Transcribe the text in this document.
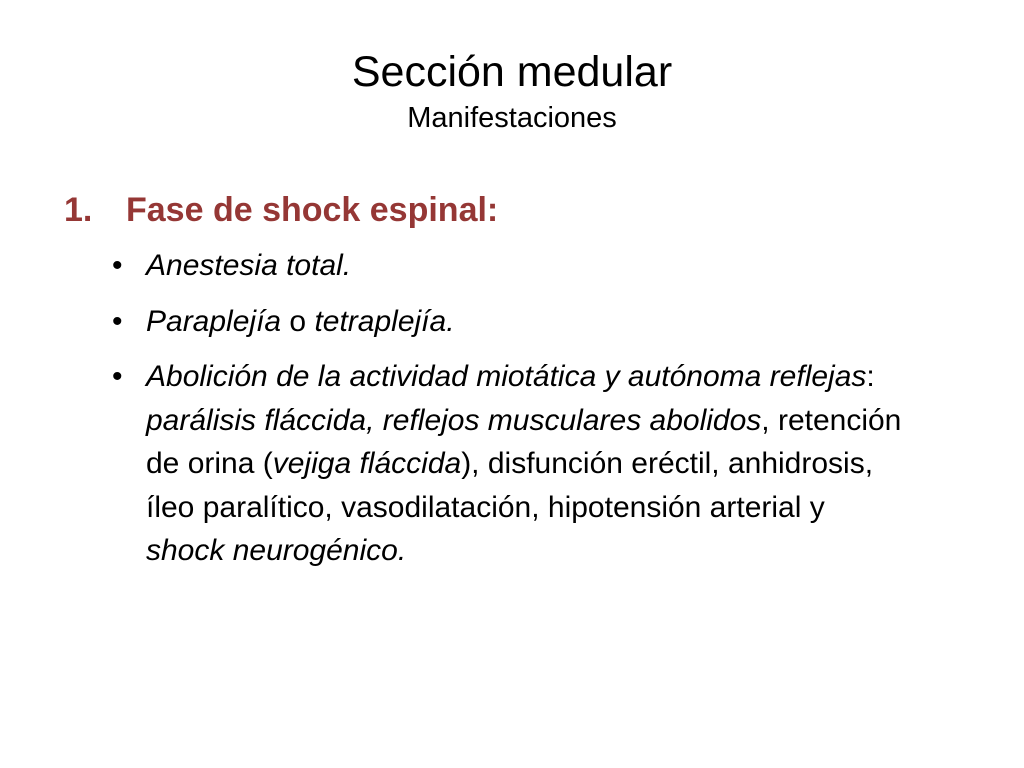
Sección medular
Manifestaciones
1. Fase de shock espinal:
• Anestesia total.
• Paraplejía o tetraplejía.
• Abolición de la actividad miotática y autónoma reflejas: parálisis fláccida, reflejos musculares abolidos, retención de orina (vejiga fláccida), disfunción eréctil, anhidrosis, íleo paralítico, vasodilatación, hipotensión arterial y shock neurogénico.
